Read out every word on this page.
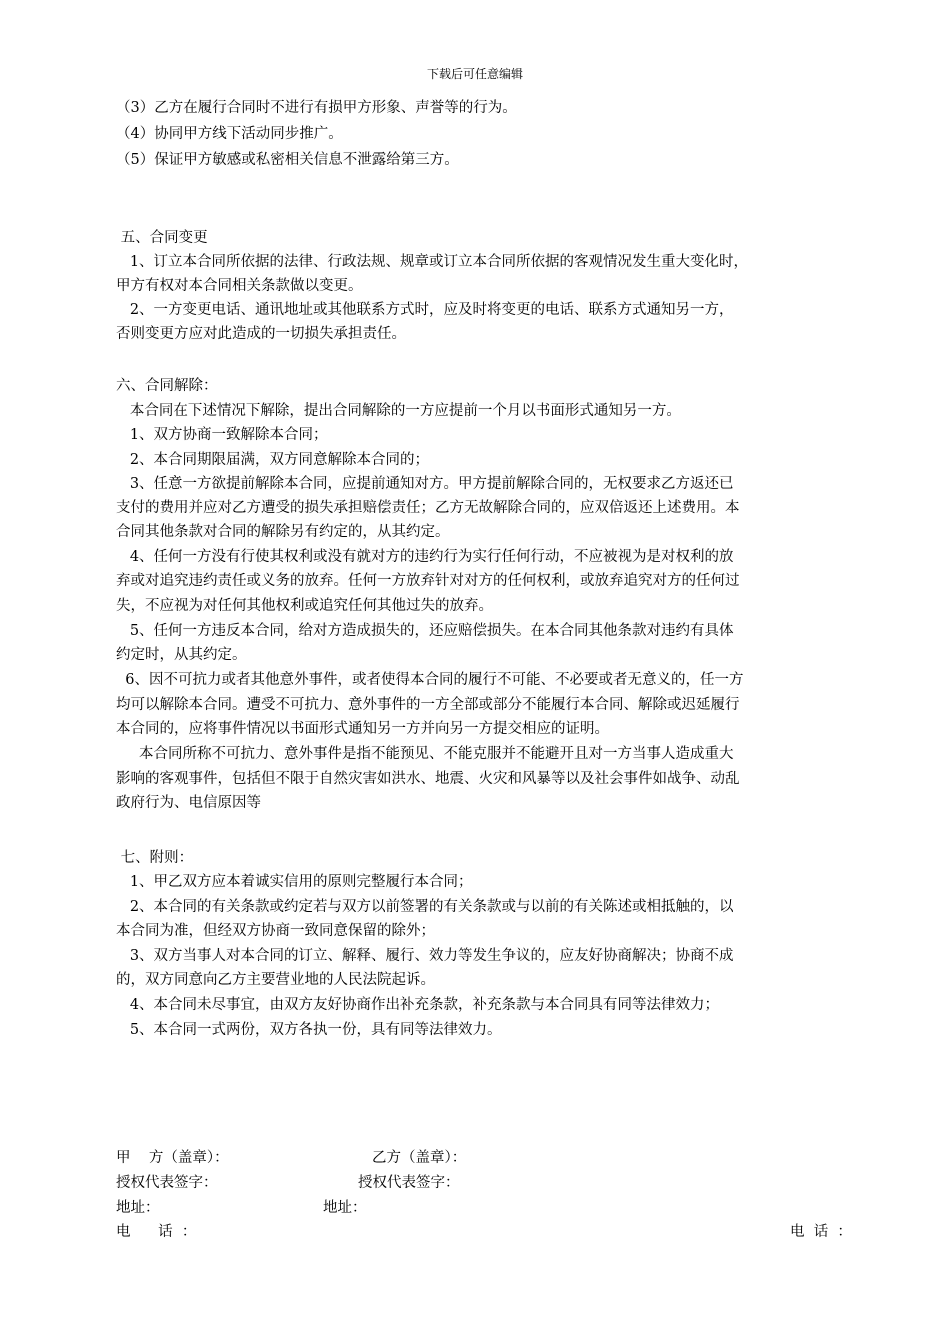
下载后可任意编辑
（3）乙方在履行合同时不进行有损甲方形象、声誉等的行为。
（4）协同甲方线下活动同步推广。
（5）保证甲方敏感或私密相关信息不泄露给第三方。
五、合同变更
1、订立本合同所依据的法律、行政法规、规章或订立本合同所依据的客观情况发生重大变化时，
甲方有权对本合同相关条款做以变更。
2、一方变更电话、通讯地址或其他联系方式时，应及时将变更的电话、联系方式通知另一方，
否则变更方应对此造成的一切损失承担责任。
六、合同解除：
本合同在下述情况下解除，提出合同解除的一方应提前一个月以书面形式通知另一方。
1、双方协商一致解除本合同；
2、本合同期限届满，双方同意解除本合同的；
3、任意一方欲提前解除本合同，应提前通知对方。甲方提前解除合同的，无权要求乙方返还已
支付的费用并应对乙方遭受的损失承担赔偿责任；乙方无故解除合同的，应双倍返还上述费用。本
合同其他条款对合同的解除另有约定的，从其约定。
4、任何一方没有行使其权利或没有就对方的违约行为实行任何行动，不应被视为是对权利的放
弃或对追究违约责任或义务的放弃。任何一方放弃针对对方的任何权利，或放弃追究对方的任何过
失，不应视为对任何其他权利或追究任何其他过失的放弃。
5、任何一方违反本合同，给对方造成损失的，还应赔偿损失。在本合同其他条款对违约有具体
约定时，从其约定。
6、因不可抗力或者其他意外事件，或者使得本合同的履行不可能、不必要或者无意义的，任一方
均可以解除本合同。遭受不可抗力、意外事件的一方全部或部分不能履行本合同、解除或迟延履行
本合同的，应将事件情况以书面形式通知另一方并向另一方提交相应的证明。
本合同所称不可抗力、意外事件是指不能预见、不能克服并不能避开且对一方当事人造成重大
影响的客观事件，包括但不限于自然灾害如洪水、地震、火灾和风暴等以及社会事件如战争、动乱
政府行为、电信原因等
七、附则：
1、甲乙双方应本着诚实信用的原则完整履行本合同；
2、本合同的有关条款或约定若与双方以前签署的有关条款或与以前的有关陈述或相抵触的，以
本合同为准，但经双方协商一致同意保留的除外；
3、双方当事人对本合同的订立、解释、履行、效力等发生争议的，应友好协商解决；协商不成
的，双方同意向乙方主要营业地的人民法院起诉。
4、本合同未尽事宜，由双方友好协商作出补充条款，补充条款与本合同具有同等法律效力；
5、本合同一式两份，双方各执一份，具有同等法律效力。
甲    方（盖章）：	乙方（盖章）：
授权代表签字：	授权代表签字：
地址：	地址：
电      话  ：	电  话  ：
